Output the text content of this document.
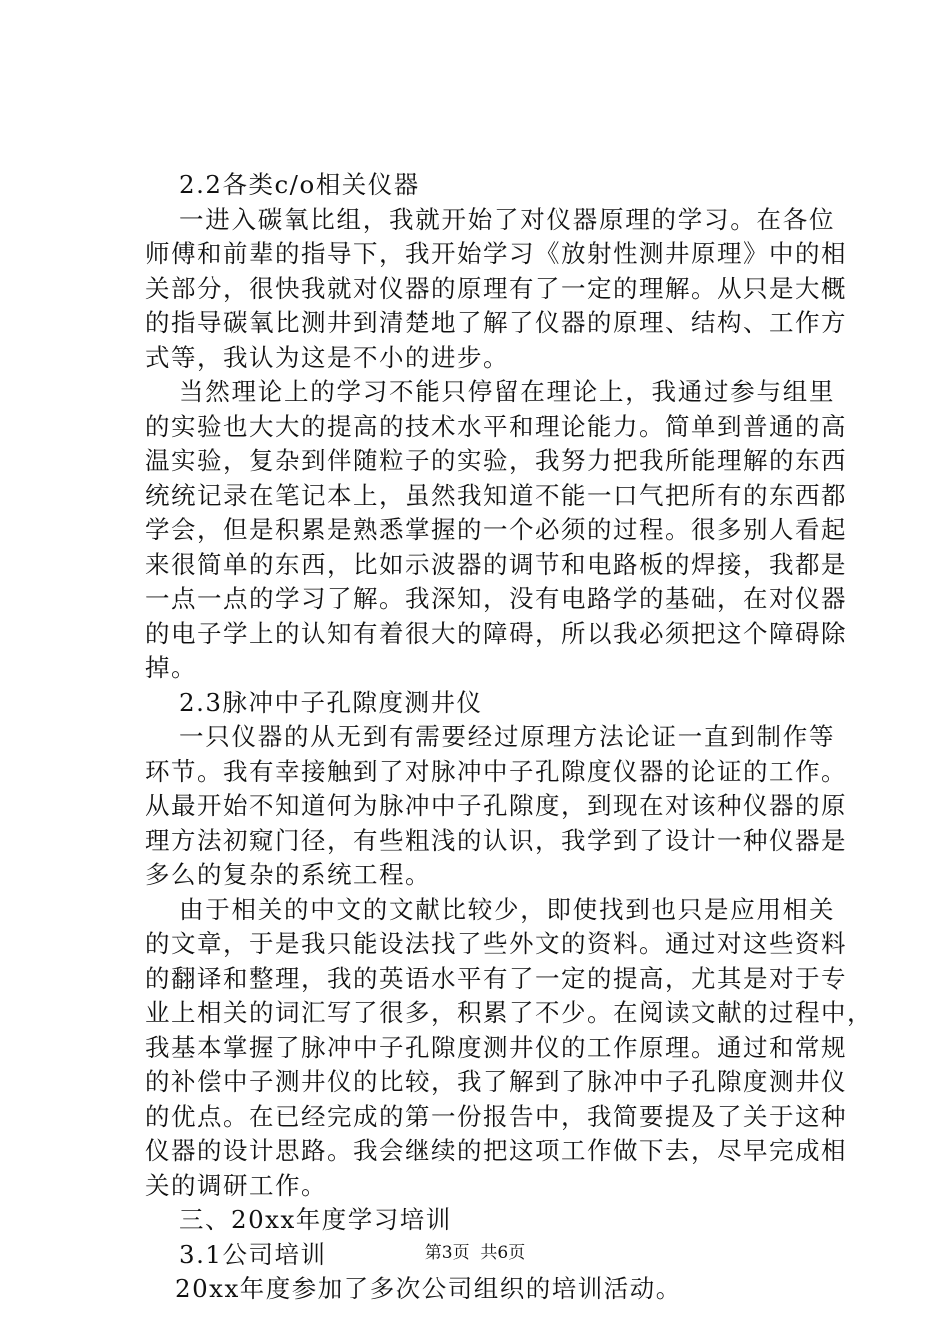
2.2各类c/o相关仪器
一进入碳氧比组，我就开始了对仪器原理的学习。在各位
师傅和前辈的指导下，我开始学习《放射性测井原理》中的相
关部分，很快我就对仪器的原理有了一定的理解。从只是大概
的指导碳氧比测井到清楚地了解了仪器的原理、结构、工作方
式等，我认为这是不小的进步。
当然理论上的学习不能只停留在理论上，我通过参与组里
的实验也大大的提高的技术水平和理论能力。简单到普通的高
温实验，复杂到伴随粒子的实验，我努力把我所能理解的东西
统统记录在笔记本上，虽然我知道不能一口气把所有的东西都
学会，但是积累是熟悉掌握的一个必须的过程。很多别人看起
来很简单的东西，比如示波器的调节和电路板的焊接，我都是
一点一点的学习了解。我深知，没有电路学的基础，在对仪器
的电子学上的认知有着很大的障碍，所以我必须把这个障碍除
掉。
2.3脉冲中子孔隙度测井仪
一只仪器的从无到有需要经过原理方法论证一直到制作等
环节。我有幸接触到了对脉冲中子孔隙度仪器的论证的工作。
从最开始不知道何为脉冲中子孔隙度，到现在对该种仪器的原
理方法初窥门径，有些粗浅的认识，我学到了设计一种仪器是
多么的复杂的系统工程。
由于相关的中文的文献比较少，即使找到也只是应用相关
的文章，于是我只能设法找了些外文的资料。通过对这些资料
的翻译和整理，我的英语水平有了一定的提高，尤其是对于专
业上相关的词汇写了很多，积累了不少。在阅读文献的过程中，
我基本掌握了脉冲中子孔隙度测井仪的工作原理。通过和常规
的补偿中子测井仪的比较，我了解到了脉冲中子孔隙度测井仪
的优点。在已经完成的第一份报告中，我简要提及了关于这种
仪器的设计思路。我会继续的把这项工作做下去，尽早完成相
关的调研工作。
三、20xx年度学习培训
3.1公司培训
20xx年度参加了多次公司组织的培训活动。
第3页  共6页
